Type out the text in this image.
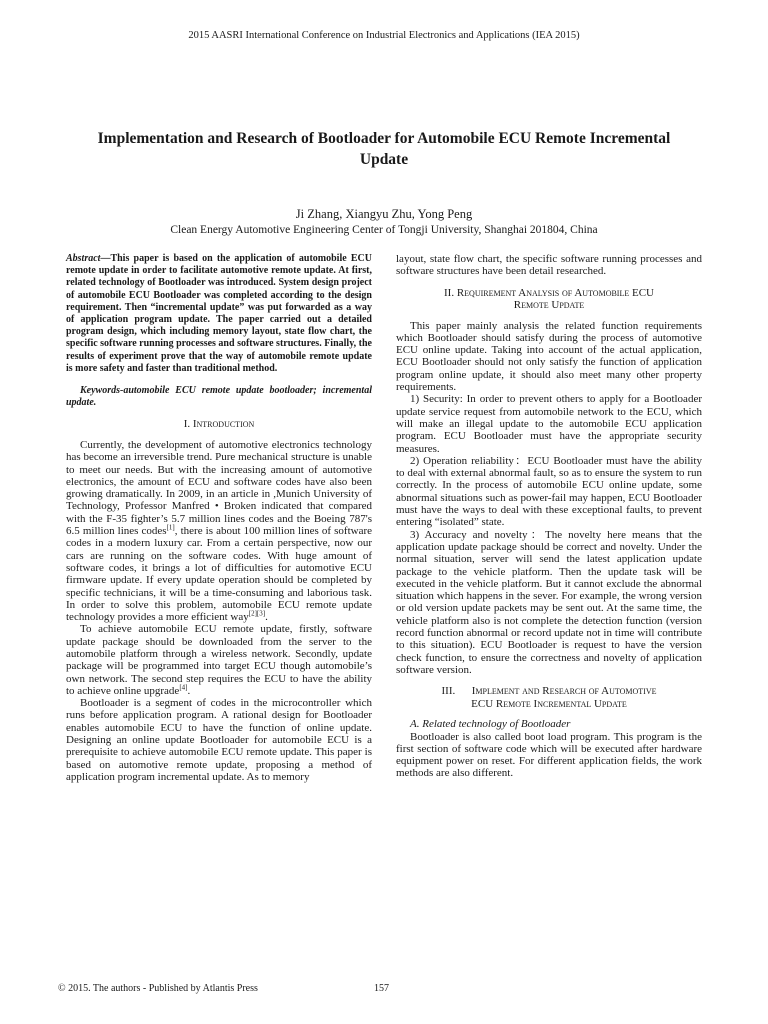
2015 AASRI International Conference on Industrial Electronics and Applications (IEA 2015)
Implementation and Research of Bootloader for Automobile ECU Remote Incremental Update
Ji Zhang, Xiangyu Zhu, Yong Peng
Clean Energy Automotive Engineering Center of Tongji University, Shanghai 201804, China

Abstract—This paper is based on the application of automobile ECU remote update in order to facilitate automotive remote update. At first, related technology of Bootloader was introduced. System design project of automobile ECU Bootloader was completed according to the design requirement. Then “incremental update” was put forwarded as a way of application program update. The paper carried out a detailed program design, which including memory layout, state flow chart, the specific software running processes and software structures. Finally, the results of experiment prove that the way of automobile remote update is more safety and faster than traditional method.

Keywords-automobile ECU remote update bootloader; incremental update.

I. Introduction

Currently, the development of automotive electronics technology has become an irreversible trend. Pure mechanical structure is unable to meet our needs. But with the increasing amount of automotive electronics, the amount of ECU and software codes have also been growing dramatically. In 2009, in an article in ,Munich University of Technology, Professor Manfred • Broken indicated that compared with the F-35 fighter’s 5.7 million lines codes and the Boeing 787's 6.5 million lines codes[1], there is about 100 million lines of software codes in a modern luxury car. From a certain perspective, now our cars are running on the software codes. With huge amount of software codes, it brings a lot of difficulties for automotive ECU firmware update. If every update operation should be completed by specific technicians, it will be a time-consuming and laborious task. In order to solve this problem, automobile ECU remote update technology provides a more efficient way[2][3].

To achieve automobile ECU remote update, firstly, software update package should be downloaded from the server to the automobile platform through a wireless network. Secondly, update package will be programmed into target ECU though automobile’s own network. The second step requires the ECU to have the ability to achieve online upgrade[4].

Bootloader is a segment of codes in the microcontroller which runs before application program. A rational design for Bootloader enables automobile ECU to have the function of online update. Designing an online update Bootloader for automobile ECU is a prerequisite to achieve automobile ECU remote update. This paper is based on automotive remote update, proposing a method of application program incremental update. As to memory

layout, state flow chart, the specific software running processes and software structures have been detail researched.

II. Requirement Analysis of Automobile ECU
Remote Update

This paper mainly analysis the related function requirements which Bootloader should satisfy during the process of automotive ECU online update. Taking into account of the actual application, ECU Bootloader should not only satisfy the function of application program online update, it should also meet many other property requirements.

1) Security: In order to prevent others to apply for a Bootloader update service request from automobile network to the ECU, which will make an illegal update to the automobile ECU application program. ECU Bootloader must have the appropriate security measures.

2) Operation reliability：ECU Bootloader must have the ability to deal with external abnormal fault, so as to ensure the system to run correctly. In the process of automobile ECU online update, some abnormal situations such as power-fail may happen, ECU Bootloader must have the ways to deal with these exceptional faults, to prevent entering “isolated” state.

3) Accuracy and novelty：The novelty here means that the application update package should be correct and novelty. Under the normal situation, server will send the latest application update package to the vehicle platform. Then the update task will be executed in the vehicle platform. But it cannot exclude the abnormal situation which happens in the sever. For example, the wrong version or old version update packets may be sent out. At the same time, the vehicle platform also is not complete the detection function (version record function abnormal or record update not in time will contribute to this situation). ECU Bootloader is request to have the version check function, to ensure the correctness and novelty of application software version.

III.      Implement and Research of Automotive
ECU Remote Incremental Update

A. Related technology of Bootloader

Bootloader is also called boot load program. This program is the first section of software code which will be executed after hardware equipment power on reset. For different application fields, the work methods are also different.

© 2015. The authors - Published by Atlantis Press	157
